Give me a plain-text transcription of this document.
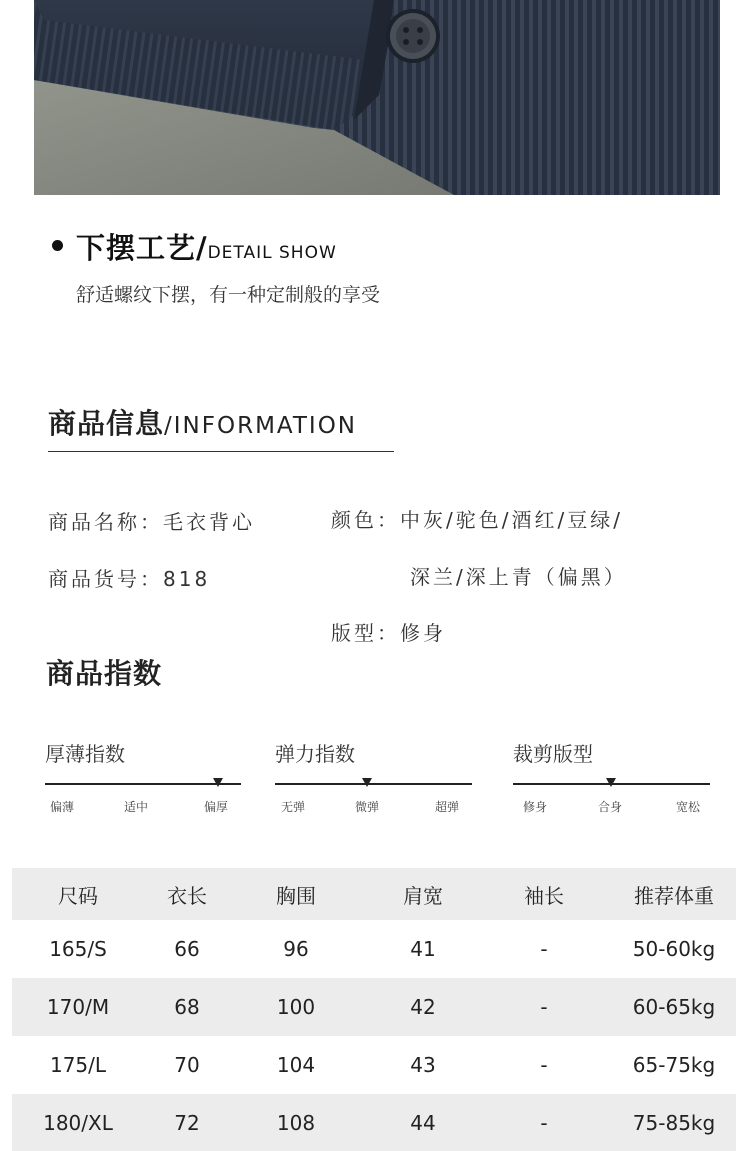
下摆工艺/DETAIL SHOW
舒适螺纹下摆，有一种定制般的享受
商品信息/INFORMATION
商品名称：毛衣背心
商品货号：818
颜色：中灰/驼色/酒红/豆绿/
深兰/深上青（偏黑）
版型：修身
商品指数
厚薄指数
偏薄	适中	偏厚
弹力指数
无弹	微弹	超弹
裁剪版型
修身	合身	宽松
尺码	衣长	胸围	肩宽	袖长	推荐体重
165/S	66	96	41	-	50-60kg
170/M	68	100	42	-	60-65kg
175/L	70	104	43	-	65-75kg
180/XL	72	108	44	-	75-85kg
